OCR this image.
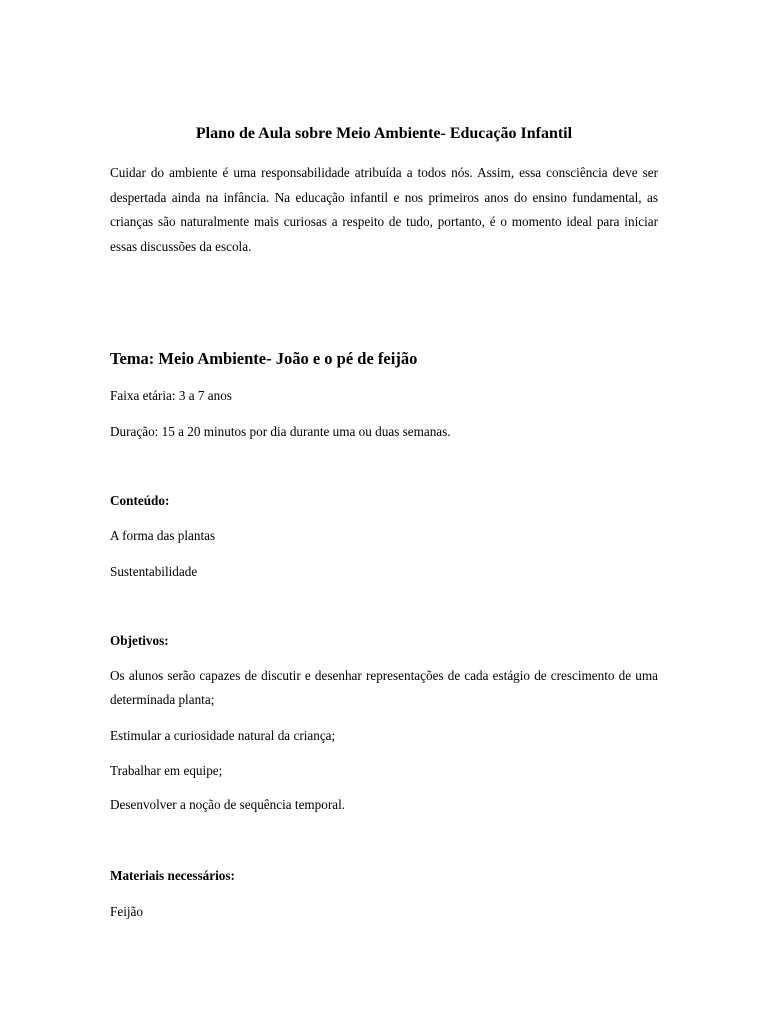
Plano de Aula sobre Meio Ambiente- Educação Infantil

Cuidar do ambiente é uma responsabilidade atribuída a todos nós. Assim, essa consciência deve ser despertada ainda na infância. Na educação infantil e nos primeiros anos do ensino fundamental, as crianças são naturalmente mais curiosas a respeito de tudo, portanto, é o momento ideal para iniciar essas discussões da escola.

Tema: Meio Ambiente- João e o pé de feijão

Faixa etária: 3 a 7 anos

Duração: 15 a 20 minutos por dia durante uma ou duas semanas.

Conteúdo:

A forma das plantas

Sustentabilidade

Objetivos:

Os alunos serão capazes de discutir e desenhar representações de cada estágio de crescimento de uma determinada planta;

Estimular a curiosidade natural da criança;

Trabalhar em equipe;

Desenvolver a noção de sequência temporal.

Materiais necessários:

Feijão
